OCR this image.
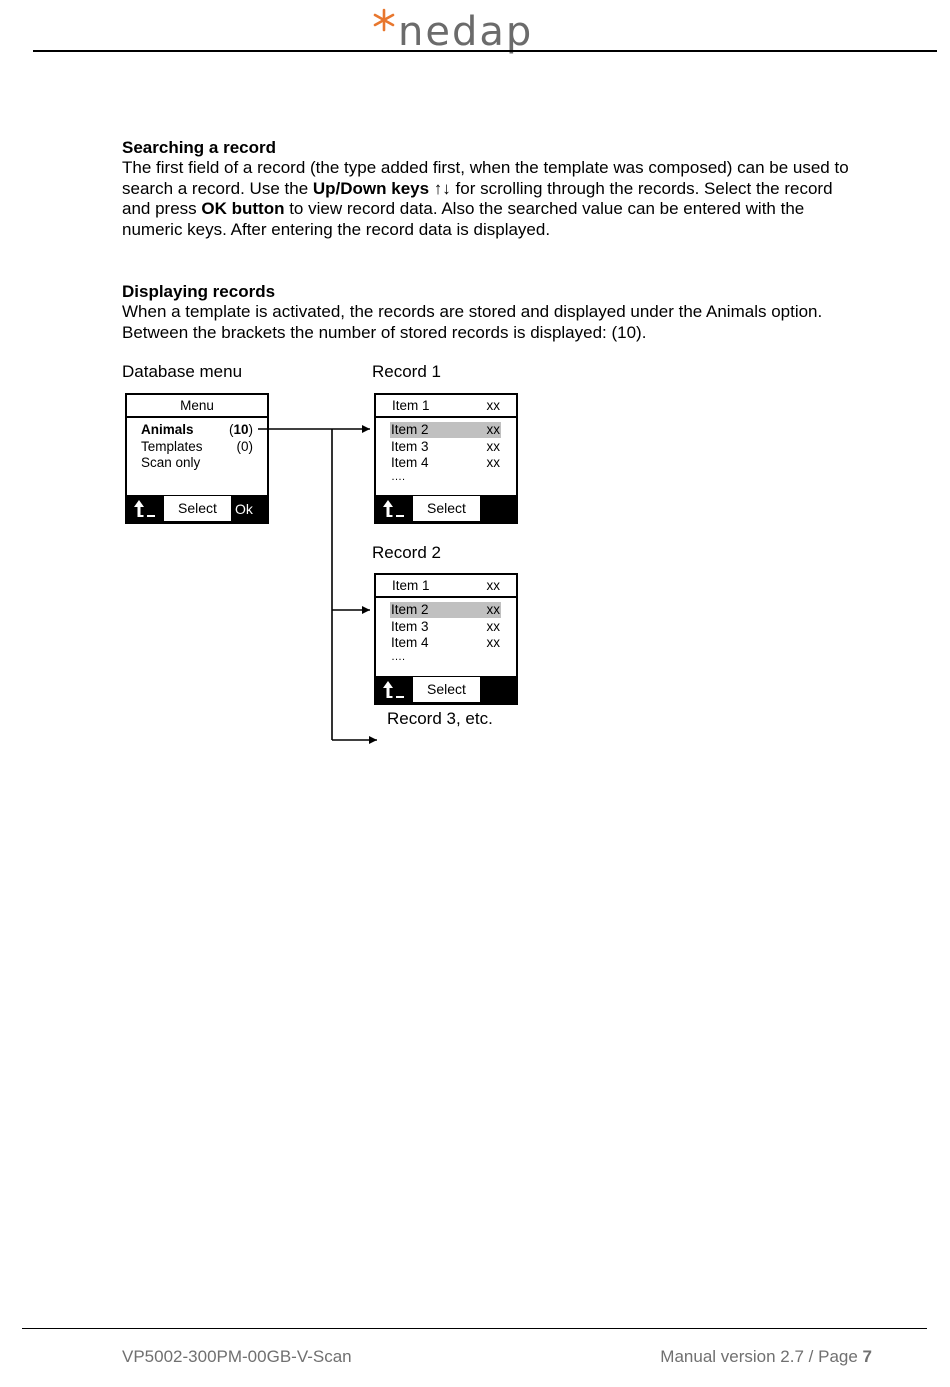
nedap
Searching a record
The first field of a record (the type added first, when the template was composed) can be used to search a record. Use the Up/Down keys ↑↓ for scrolling through the records. Select the record and press OK button to view record data. Also the searched value can be entered with the numeric keys. After entering the record data is displayed.
Displaying records
When a template is activated, the records are stored and displayed under the Animals option. Between the brackets the number of stored records is displayed: (10).
Database menu	Record 1
Record 2
Record 3, etc.
Menu
Animals	(10)
Templates	(0)
Scan only
Select	Ok
Item 1	xx
Item 2	xx
Item 3	xx
Item 4	xx
….
Select
Item 1	xx
Item 2	xx
Item 3	xx
Item 4	xx
….
Select
VP5002-300PM-00GB-V-Scan	Manual version 2.7 / Page 7
